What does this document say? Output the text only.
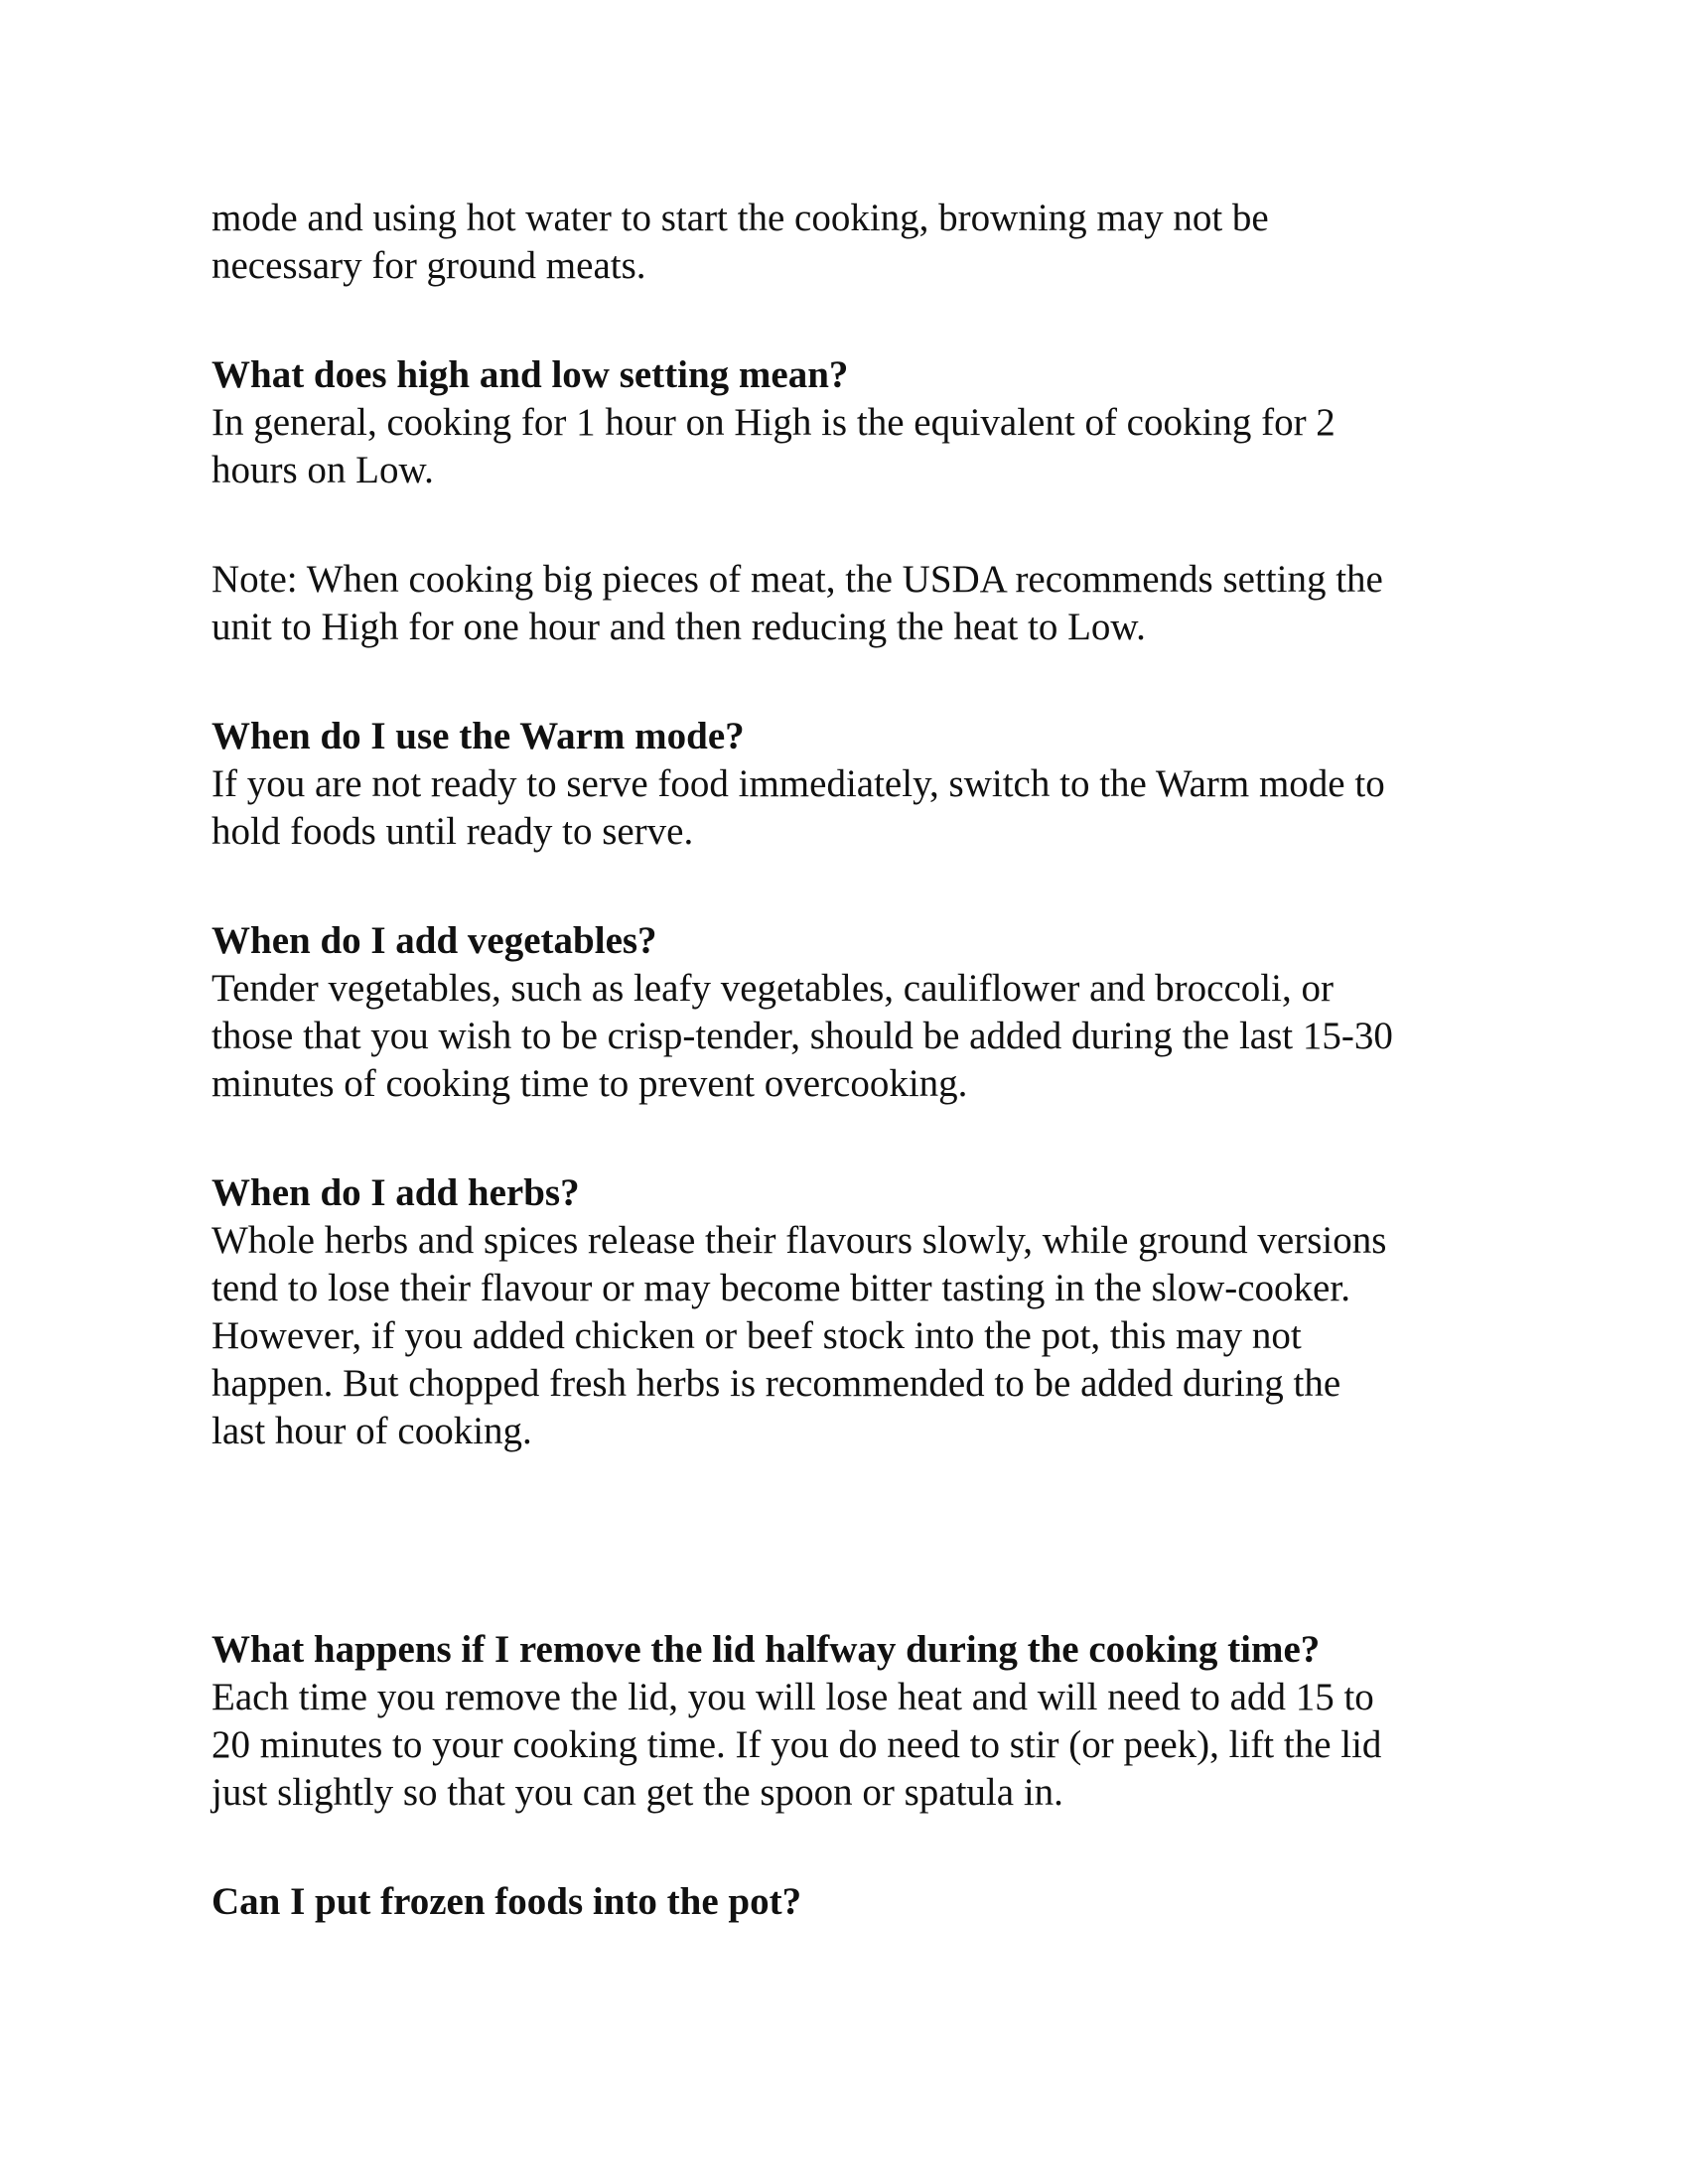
mode and using hot water to start the cooking, browning may not be
necessary for ground meats.
What does high and low setting mean?
In general, cooking for 1 hour on High is the equivalent of cooking for 2
hours on Low.
Note: When cooking big pieces of meat, the USDA recommends setting the
unit to High for one hour and then reducing the heat to Low.
When do I use the Warm mode?
If you are not ready to serve food immediately, switch to the Warm mode to
hold foods until ready to serve.
When do I add vegetables?
Tender vegetables, such as leafy vegetables, cauliflower and broccoli, or
those that you wish to be crisp-tender, should be added during the last 15-30
minutes of cooking time to prevent overcooking.
When do I add herbs?
Whole herbs and spices release their flavours slowly, while ground versions
tend to lose their flavour or may become bitter tasting in the slow-cooker.
However, if you added chicken or beef stock into the pot, this may not
happen. But chopped fresh herbs is recommended to be added during the
last hour of cooking.
What happens if I remove the lid halfway during the cooking time?
Each time you remove the lid, you will lose heat and will need to add 15 to
20 minutes to your cooking time. If you do need to stir (or peek), lift the lid
just slightly so that you can get the spoon or spatula in.
Can I put frozen foods into the pot?
